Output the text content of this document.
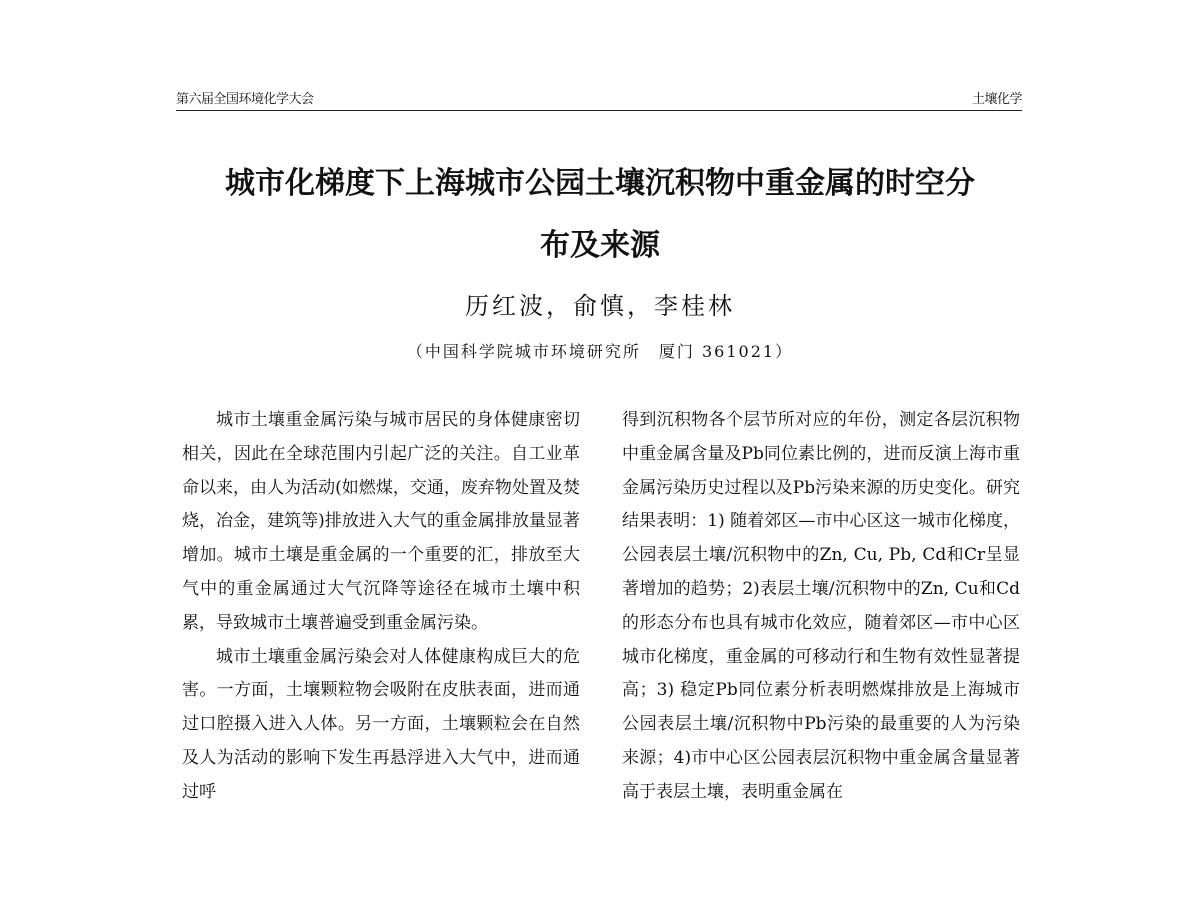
第六届全国环境化学大会	土壤化学
城市化梯度下上海城市公园土壤沉积物中重金属的时空分
布及来源
历红波，俞慎，李桂林
（中国科学院城市环境研究所　厦门 361021）

城市土壤重金属污染与城市居民的身体健康密切相关，因此在全球范围内引起广泛的关注。自工业革命以来，由人为活动(如燃煤，交通，废弃物处置及焚烧，冶金，建筑等)排放进入大气的重金属排放量显著增加。城市土壤是重金属的一个重要的汇，排放至大气中的重金属通过大气沉降等途径在城市土壤中积累，导致城市土壤普遍受到重金属污染。

城市土壤重金属污染会对人体健康构成巨大的危害。一方面，土壤颗粒物会吸附在皮肤表面，进而通过口腔摄入进入人体。另一方面，土壤颗粒会在自然及人为活动的影响下发生再悬浮进入大气中，进而通过呼

得到沉积物各个层节所对应的年份，测定各层沉积物中重金属含量及Pb同位素比例的，进而反演上海市重金属污染历史过程以及Pb污染来源的历史变化。研究结果表明：1) 随着郊区—市中心区这一城市化梯度，公园表层土壤/沉积物中的Zn, Cu, Pb, Cd和Cr呈显著增加的趋势；2)表层土壤/沉积物中的Zn, Cu和Cd的形态分布也具有城市化效应，随着郊区—市中心区城市化梯度，重金属的可移动行和生物有效性显著提高；3) 稳定Pb同位素分析表明燃煤排放是上海城市公园表层土壤/沉积物中Pb污染的最重要的人为污染来源；4)市中心区公园表层沉积物中重金属含量显著高于表层土壤，表明重金属在
